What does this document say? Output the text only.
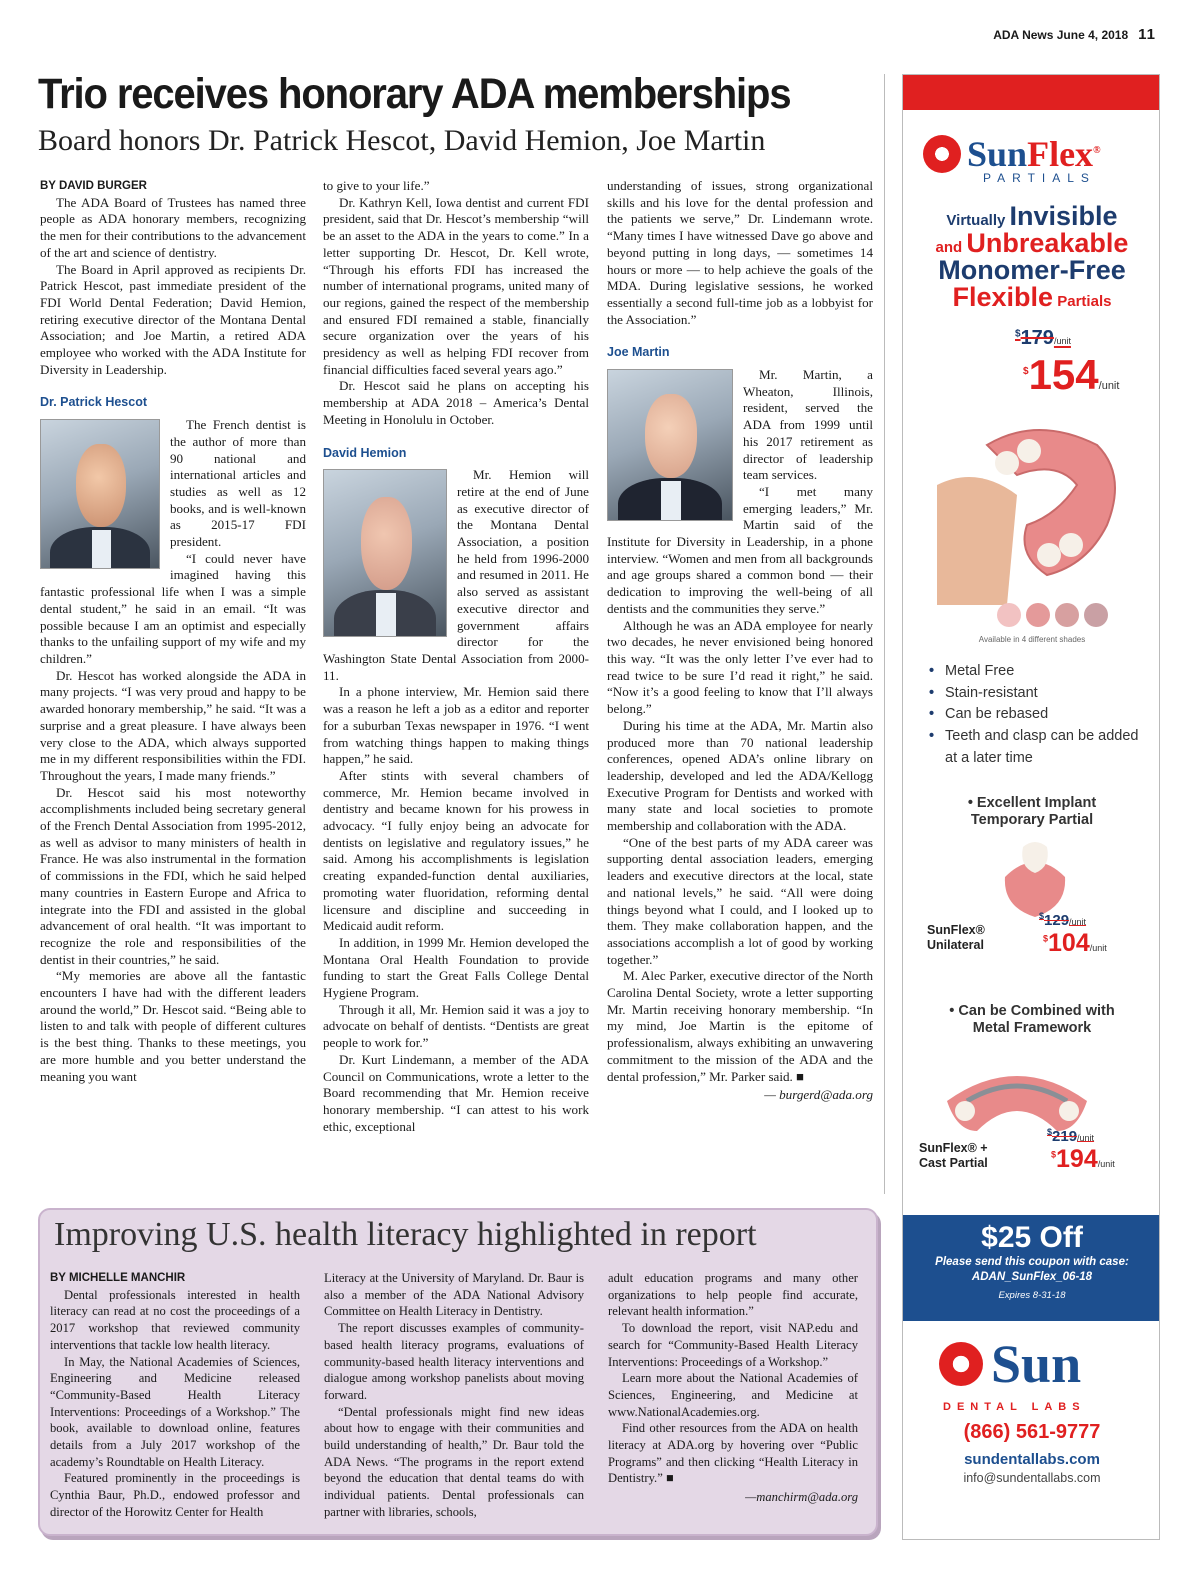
ADA News June 4, 2018 11
Trio receives honorary ADA memberships
Board honors Dr. Patrick Hescot, David Hemion, Joe Martin

BY DAVID BURGER

The ADA Board of Trustees has named three people as ADA honorary members, recognizing the men for their contributions to the advancement of the art and science of dentistry.

The Board in April approved as recipients Dr. Patrick Hescot, past immediate president of the FDI World Dental Federation; David Hemion, retiring executive director of the Montana Dental Association; and Joe Martin, a retired ADA employee who worked with the ADA Institute for Diversity in Leadership.

Dr. Patrick Hescot

The French dentist is the author of more than 90 national and international articles and studies as well as 12 books, and is well-known as 2015-17 FDI president.

“I could never have imagined having this fantastic professional life when I was a simple dental student,” he said in an email. “It was possible because I am an optimist and especially thanks to the unfailing support of my wife and my children.”

Dr. Hescot has worked alongside the ADA in many projects. “I was very proud and happy to be awarded honorary membership,” he said. “It was a surprise and a great pleasure. I have always been very close to the ADA, which always supported me in my different responsibilities within the FDI. Throughout the years, I made many friends.”

Dr. Hescot said his most noteworthy accomplishments included being secretary general of the French Dental Association from 1995-2012, as well as advisor to many ministers of health in France. He was also instrumental in the formation of commissions in the FDI, which he said helped many countries in Eastern Europe and Africa to integrate into the FDI and assisted in the global advancement of oral health. “It was important to recognize the role and responsibilities of the dentist in their countries,” he said.

“My memories are above all the fantastic encounters I have had with the different leaders around the world,” Dr. Hescot said. “Being able to listen to and talk with people of different cultures is the best thing. Thanks to these meetings, you are more humble and you better understand the meaning you want

to give to your life.”

Dr. Kathryn Kell, Iowa dentist and current FDI president, said that Dr. Hescot’s membership “will be an asset to the ADA in the years to come.” In a letter supporting Dr. Hescot, Dr. Kell wrote, “Through his efforts FDI has increased the number of international programs, united many of our regions, gained the respect of the membership and ensured FDI remained a stable, financially secure organization over the years of his presidency as well as helping FDI recover from financial difficulties faced several years ago.”

Dr. Hescot said he plans on accepting his membership at ADA 2018 – America’s Dental Meeting in Honolulu in October.

David Hemion

Mr. Hemion will retire at the end of June as executive director of the Montana Dental Association, a position he held from 1996-2000 and resumed in 2011. He also served as assistant executive director and government affairs director for the Washington State Dental Association from 2000-11.

In a phone interview, Mr. Hemion said there was a reason he left a job as a editor and reporter for a suburban Texas newspaper in 1976. “I went from watching things happen to making things happen,” he said.

After stints with several chambers of commerce, Mr. Hemion became involved in dentistry and became known for his prowess in advocacy. “I fully enjoy being an advocate for dentists on legislative and regulatory issues,” he said. Among his accomplishments is legislation creating expanded-function dental auxiliaries, promoting water fluoridation, reforming dental licensure and discipline and succeeding in Medicaid audit reform.

In addition, in 1999 Mr. Hemion developed the Montana Oral Health Foundation to provide funding to start the Great Falls College Dental Hygiene Program.

Through it all, Mr. Hemion said it was a joy to advocate on behalf of dentists. “Dentists are great people to work for.”

Dr. Kurt Lindemann, a member of the ADA Council on Communications, wrote a letter to the Board recommending that Mr. Hemion receive honorary membership. “I can attest to his work ethic, exceptional

understanding of issues, strong organizational skills and his love for the dental profession and the patients we serve,” Dr. Lindemann wrote. “Many times I have witnessed Dave go above and beyond putting in long days, — sometimes 14 hours or more — to help achieve the goals of the MDA. During legislative sessions, he worked essentially a second full-time job as a lobbyist for the Association.”

Joe Martin

Mr. Martin, a Wheaton, Illinois, resident, served the ADA from 1999 until his 2017 retirement as director of leadership team services.

“I met many emerging leaders,” Mr. Martin said of the Institute for Diversity in Leadership, in a phone interview. “Women and men from all backgrounds and age groups shared a common bond — their dedication to improving the well-being of all dentists and the communities they serve.”

Although he was an ADA employee for nearly two decades, he never envisioned being honored this way. “It was the only letter I’ve ever had to read twice to be sure I’d read it right,” he said. “Now it’s a good feeling to know that I’ll always belong.”

During his time at the ADA, Mr. Martin also produced more than 70 national leadership conferences, opened ADA’s online library on leadership, developed and led the ADA/Kellogg Executive Program for Dentists and worked with many state and local societies to promote membership and collaboration with the ADA.

“One of the best parts of my ADA career was supporting dental association leaders, emerging leaders and executive directors at the local, state and national levels,” he said. “All were doing things beyond what I could, and I looked up to them. They make collaboration happen, and the associations accomplish a lot of good by working together.”

M. Alec Parker, executive director of the North Carolina Dental Society, wrote a letter supporting Mr. Martin receiving honorary membership. “In my mind, Joe Martin is the epitome of professionalism, always exhibiting an unwavering commitment to the mission of the ADA and the dental profession,” Mr. Parker said. ■

— burgerd@ada.org

Improving U.S. health literacy highlighted in report

BY MICHELLE MANCHIR

Dental professionals interested in health literacy can read at no cost the proceedings of a 2017 workshop that reviewed community interventions that tackle low health literacy.

In May, the National Academies of Sciences, Engineering and Medicine released “Community-Based Health Literacy Interventions: Proceedings of a Workshop.” The book, available to download online, features details from a July 2017 workshop of the academy’s Roundtable on Health Literacy.

Featured prominently in the proceedings is Cynthia Baur, Ph.D., endowed professor and director of the Horowitz Center for Health

Literacy at the University of Maryland. Dr. Baur is also a member of the ADA National Advisory Committee on Health Literacy in Dentistry.

The report discusses examples of community-based health literacy programs, evaluations of community-based health literacy interventions and dialogue among workshop panelists about moving forward.

“Dental professionals might find new ideas about how to engage with their communities and build understanding of health,” Dr. Baur told the ADA News. “The programs in the report extend beyond the education that dental teams do with individual patients. Dental professionals can partner with libraries, schools,

adult education programs and many other organizations to help people find accurate, relevant health information.”

To download the report, visit NAP.edu and search for “Community-Based Health Literacy Interventions: Proceedings of a Workshop.”

Learn more about the National Academies of Sciences, Engineering, and Medicine at www.NationalAcademies.org.

Find other resources from the ADA on health literacy at ADA.org by hovering over “Public Programs” and then clicking “Health Literacy in Dentistry.” ■

—manchirm@ada.org

SunFlex®
PARTIALS
Virtually Invisible
and Unbreakable
Monomer-Free
Flexible Partials
$179/unit
$154/unit
Available in 4 different shades
• Metal Free
• Stain-resistant
• Can be rebased
• Teeth and clasp can be added at a later time
• Excellent Implant Temporary Partial
SunFlex® Unilateral
$129/unit
$104/unit
• Can be Combined with Metal Framework
SunFlex® + Cast Partial
$219/unit
$194/unit
$25 Off
Please send this coupon with case:
ADAN_SunFlex_06-18
Expires 8-31-18
Sun
DENTAL LABS
(866) 561-9777
sundentallabs.com
info@sundentallabs.com
